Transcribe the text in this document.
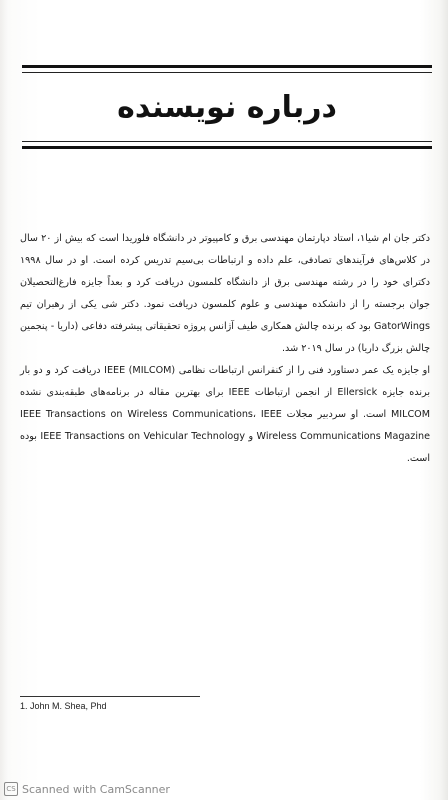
درباره نویسنده

دکتر جان ام شیا۱، استاد دپارتمان مهندسی برق و کامپیوتر در دانشگاه فلوریدا است که بیش از ۲۰ سال در کلاس‌های فرآیندهای تصادفی، علم داده و ارتباطات بی‌سیم تدریس کرده است. او در سال ۱۹۹۸ دکترای خود را در رشته مهندسی برق از دانشگاه کلمسون دریافت کرد و بعداً جایزه فارغ‌التحصیلان جوان برجسته را از دانشکده مهندسی و علوم کلمسون دریافت نمود. دکتر شی یکی از رهبران تیم GatorWings بود که برنده چالش همکاری طیف آژانس پروژه تحقیقاتی پیشرفته دفاعی (داریا - پنجمین چالش بزرگ داریا) در سال ۲۰۱۹ شد.

او جایزه یک عمر دستاورد فنی را از کنفرانس ارتباطات نظامی (IEEE (MILCOM دریافت کرد و دو بار برنده جایزه Ellersick از انجمن ارتباطات IEEE برای بهترین مقاله در برنامه‌های طبقه‌بندی نشده MILCOM است. او سردبیر مجلات IEEE Transactions on Wireless Communications، IEEE Wireless Communications Magazine و IEEE Transactions on Vehicular Technology بوده است.

1. John M. Shea, Phd
CS Scanned with CamScanner
